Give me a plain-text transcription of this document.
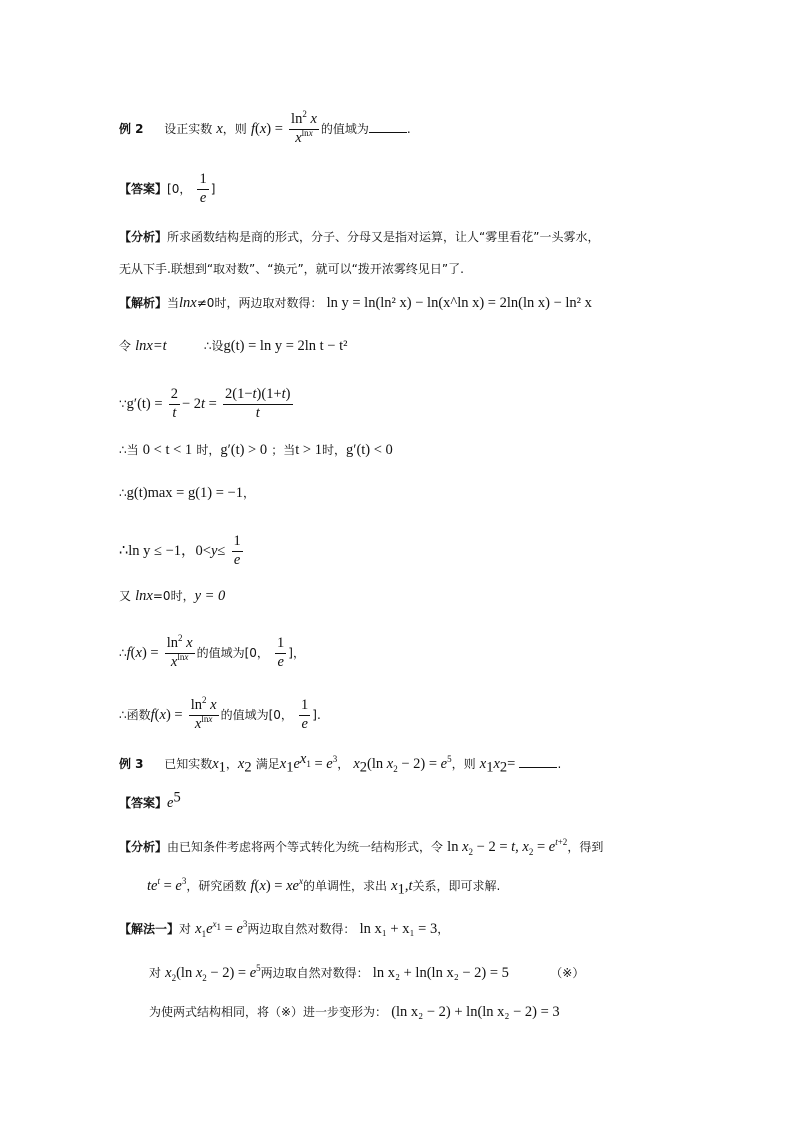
例 2 设正实数 x，则 $f(x) = \frac{\ln^2 x}{x^{lnx}}$ 的值域为	.
【答案】[0， $\frac{1}{e}$ ]
【分析】所求函数结构是商的形式，分子、分母又是指对运算，让人“雾里看花”一头雾水，
无从下手.联想到“取对数”、“换元”，就可以“拨开浓雾终见日”了.
【解析】当lnx≠0时，两边取对数得： ln y = ln(ln² x) − ln(x^ln x) = 2ln(ln x) − ln² x
令 lnx=t	∴设g(t) = ln y = 2ln t − t²
∵g′(t) = $\frac{2}{t} - 2t = \frac{2(1-t)(1+t)}{t}$
∴当 0 < t < 1 时，g′(t) > 0 ；当t > 1时，g′(t) < 0
∴g(t)max = g(1) = −1，
∴ln y ≤ −1，$0<y\le \frac{1}{e}$
又 lnx=0时，y = 0
∴f(x) = $\frac{\ln^2 x}{x^{lnx}}$ 的值域为[0， $\frac{1}{e}$ ]，
∴函数$f(x) = \frac{\ln^2 x}{x^{lnx}}$ 的值域为[0， $\frac{1}{e}$ ].
例 3 已知实数$x_1$，$x_2$ 满足$x_1e^{x_1} = e^3$， $x_2(\ln$ $x_2 - 2) = e^5$，则 $x_1x_2=$	.
【答案】$e^5$
【分析】由已知条件考虑将两个等式转化为统一结构形式，令 $\ln x_2 - 2 = t$, $x_2 = e^{t+2}$，得到
$te^t = e^3$，研究函数 $f(x) = xe^x$的单调性，求出 $x_1,t$关系，即可求解.
【解法一】对 $x_1e^{x_1} = e^3$两边取自然对数得： ln x₁ + x₁ = 3，
对 $x_2(\ln$ $x_2 - 2) = e^5$两边取自然对数得： ln x₂ + ln(ln x₂ − 2) = 5	（※）
为使两式结构相同，将（※）进一步变形为： (ln x₂ − 2) + ln(ln x₂ − 2) = 3
